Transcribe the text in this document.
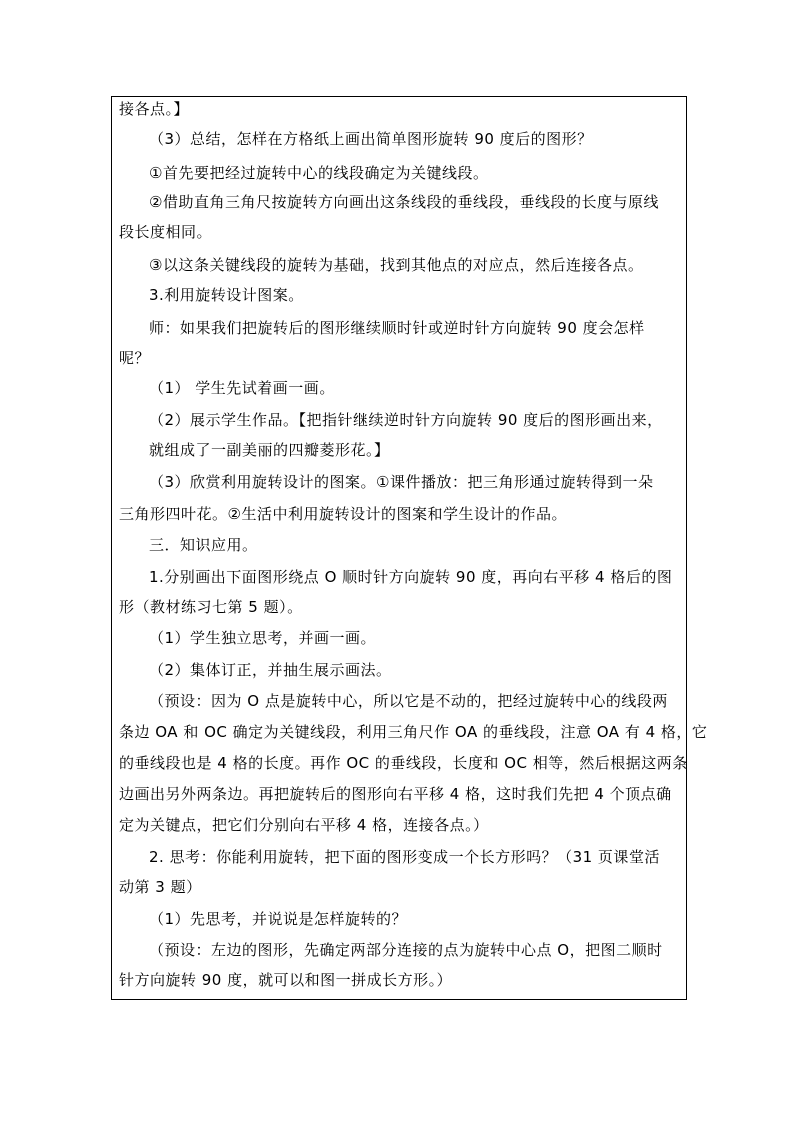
接各点。】
（3）总结，怎样在方格纸上画出简单图形旋转 90 度后的图形？
①首先要把经过旋转中心的线段确定为关键线段。
②借助直角三角尺按旋转方向画出这条线段的垂线段，垂线段的长度与原线
段长度相同。
③以这条关键线段的旋转为基础，找到其他点的对应点，然后连接各点。
3.利用旋转设计图案。
师：如果我们把旋转后的图形继续顺时针或逆时针方向旋转 90 度会怎样
呢？
（1） 学生先试着画一画。
（2）展示学生作品。【把指针继续逆时针方向旋转 90 度后的图形画出来，
就组成了一副美丽的四瓣菱形花。】
（3）欣赏利用旋转设计的图案。①课件播放：把三角形通过旋转得到一朵
三角形四叶花。②生活中利用旋转设计的图案和学生设计的作品。
三．知识应用。
1.分别画出下面图形绕点 O 顺时针方向旋转 90 度，再向右平移 4 格后的图
形（教材练习七第 5 题）。
（1）学生独立思考，并画一画。
（2）集体订正，并抽生展示画法。
（预设：因为 O 点是旋转中心，所以它是不动的，把经过旋转中心的线段两
条边 OA 和 OC 确定为关键线段，利用三角尺作 OA 的垂线段，注意 OA 有 4 格，它
的垂线段也是 4 格的长度。再作 OC 的垂线段，长度和 OC 相等，然后根据这两条
边画出另外两条边。再把旋转后的图形向右平移 4 格，这时我们先把 4 个顶点确
定为关键点，把它们分别向右平移 4 格，连接各点。）
2. 思考：你能利用旋转，把下面的图形变成一个长方形吗？（31 页课堂活
动第 3 题）
（1）先思考，并说说是怎样旋转的？
（预设：左边的图形，先确定两部分连接的点为旋转中心点 O，把图二顺时
针方向旋转 90 度，就可以和图一拼成长方形。）
